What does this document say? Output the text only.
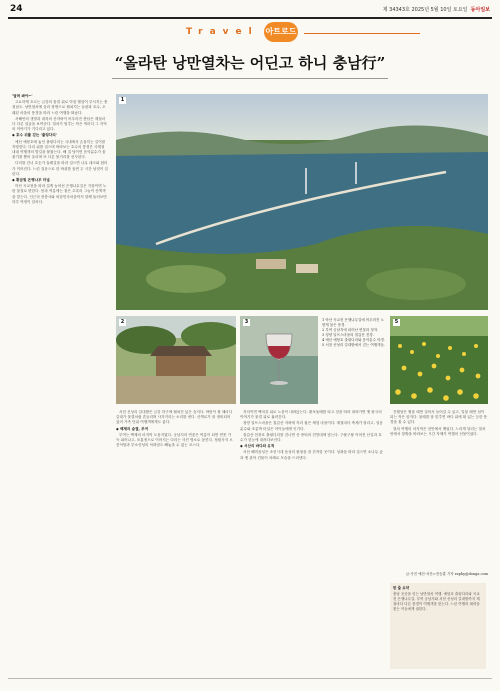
24	제 34343호 2025년 5월 10일 토요일 동아일보
Travel 아트로드
“올라탄 낭만열차는 어딘고 하니 충남行”

‘달려 봐야~’

고요하게 흐르는 금강의 물결 위로 아침 햇살이 부서지는 충청남도. 낭만열차에 올라 창밖으로 펼쳐지는 들판과 호수, 오래된 마을의 풍경을 따라 느린 여행을 떠났다.

서해안의 갯벌과 내륙의 산자락이 어우러진 충남은 계절마다 다른 얼굴을 보여준다. 열차가 멈추는 작은 역마다 그 지역의 이야기가 기다리고 있다.

◆ 호수 위를 걷는 ‘출렁다리’

예산 예당호에 놓인 출렁다리는 국내에서 손꼽히는 길이를 자랑한다. 다리 위를 걸으며 바라보는 호수의 풍경은 사계절 내내 여행객의 발길을 붙잡는다. 해 질 녘이면 음악분수가 물줄기를 뿜어 올리며 또 다른 볼거리를 선사한다.

다리를 건너 호숫가 둘레길을 따라 걸으면 나무 데크와 쉼터가 이어진다. 느린 걸음으로 한 바퀴를 돌면 두 시간 남짓이 걸린다.

◆ 황금빛 은행나무 터널

아산 곡교천을 따라 길게 늘어선 은행나무길은 가을이면 노란 물결로 변한다. 봄과 여름에는 짙은 초록의 그늘이 산책객을 맞는다. 인근의 현충사와 외암민속마을까지 함께 둘러보면 하루 여정이 알차다.

1
2	3	5
1 아산 곡교천 은행나무길에 어우러진 노랗게 물든 풍경.
2 부여 궁남지에 피어난 연꽃과 정자.
3 청양 알프스마을의 칠갑산 전경.
4 예산 예당호 출렁다리와 음악분수 야경.
5 서천 신성리 갈대밭에서 걷는 여행객들.

서천 신성리 갈대밭은 금강 하구에 펼쳐진 넓은 습지다. 바람이 불 때마다 갈대가 물결처럼 흔들리며 사각거리는 소리를 낸다. 산책로가 잘 정비되어 있어 가족 단위 여행객에게도 좋다.

◆ 백제의 숨결, 부여

부여는 백제의 마지막 도읍지였다. 궁남지의 연꽃은 여름이 되면 연못 가득 피어나고, 포룡정으로 이어지는 다리는 사진 명소로 꼽힌다. 정림사지 오층석탑과 부소산성의 낙화암도 빼놓을 수 없는 코스다.

저녁이면 백마강 위로 노을이 내려앉는다. 황포돛배를 타고 강을 따라 내려가면 옛 왕국의 이야기가 물결 위로 흘러간다.

청양 알프스마을은 칠갑산 자락에 자리 잡은 체험 마을이다. 계절마다 축제가 열리고, 얼음분수와 조롱박 터널은 아이들에게 인기다.

칠갑산 천장호 출렁다리를 건너면 산 중턱의 전망대에 닿는다. 구불구불 이어진 산길과 호수가 한눈에 내려다보인다.

◆ 서산의 바다와 유적

서산 해미읍성은 조선시대 읍성의 원형을 잘 간직한 곳이다. 성곽을 따라 걸으면 소나무 숲과 옛 관아 건물이 차례로 모습을 드러낸다.

간월암은 썰물 때면 걸어서 들어갈 수 있고, 밀물 때면 섬이 되는 작은 암자다. 물때를 잘 맞추면 바다 위에 떠 있는 듯한 풍경을 볼 수 있다.

열차 여행의 마지막은 천안에서 맺었다. 느리게 달리는 열차 안에서 창밖을 바라보는 시간 자체가 여행의 선물이었다.

글·사진 예산·서산=전승훈 기자 raphy@donga.com
한 줄 요약
충남 곳곳을 잇는 낭만열차 여행. 예당호 출렁다리와 곡교천 은행나무길, 부여 궁남지와 서천 신성리 갈대밭까지 계절마다 다른 풍경이 여행객을 맞는다. 느린 여행의 매력을 찾는 이들에게 권한다.
